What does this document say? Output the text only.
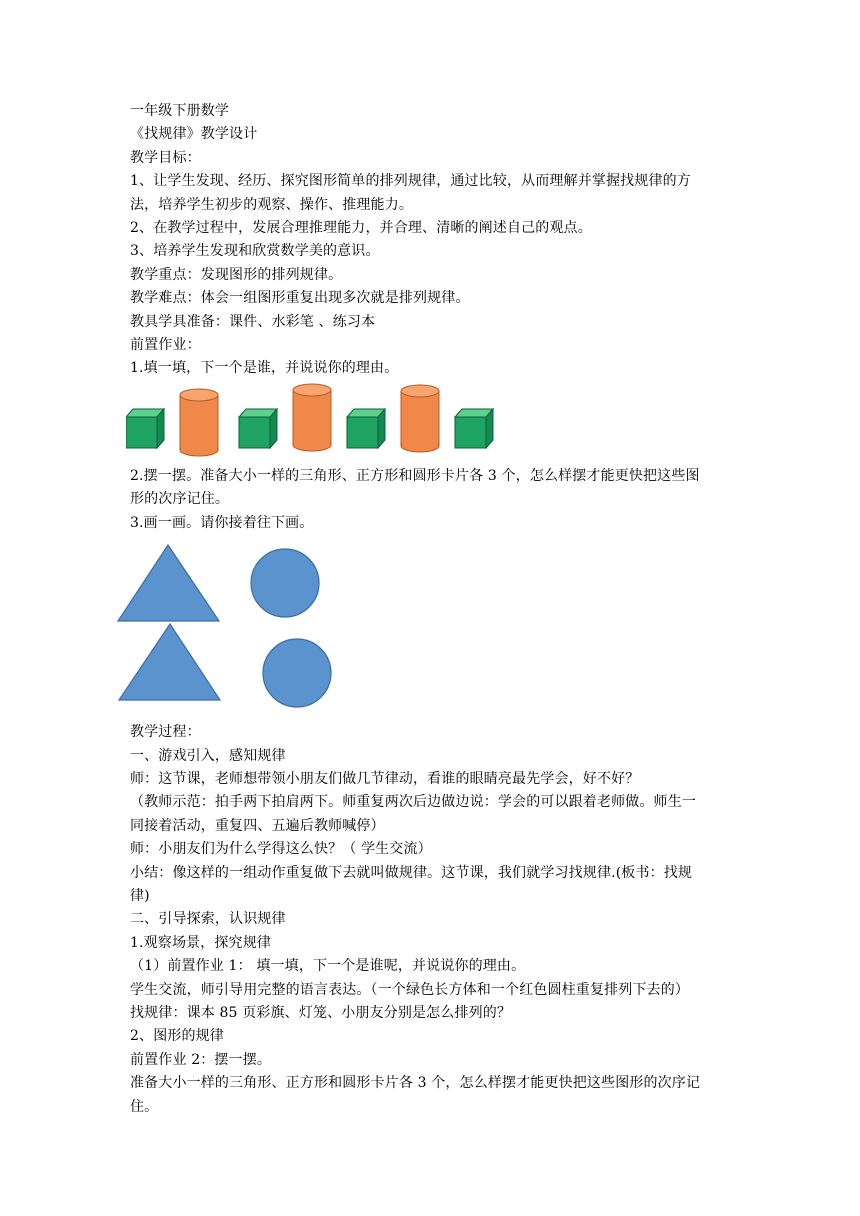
一年级下册数学
《找规律》教学设计
教学目标：
1、让学生发现、经历、探究图形简单的排列规律，通过比较，从而理解并掌握找规律的方
法，培养学生初步的观察、操作、推理能力。
2、在教学过程中，发展合理推理能力，并合理、清晰的阐述自己的观点。
3、培养学生发现和欣赏数学美的意识。
教学重点：发现图形的排列规律。
教学难点：体会一组图形重复出现多次就是排列规律。
教具学具准备：课件、水彩笔 、练习本
前置作业：
1.填一填，下一个是谁，并说说你的理由。
2.摆一摆。准备大小一样的三角形、正方形和圆形卡片各 3 个，怎么样摆才能更快把这些图
形的次序记住。
3.画一画。请你接着往下画。
教学过程：
一、游戏引入，感知规律
师：这节课，老师想带领小朋友们做几节律动，看谁的眼睛亮最先学会，好不好？
（教师示范：拍手两下拍肩两下。师重复两次后边做边说：学会的可以跟着老师做。师生一
同接着活动，重复四、五遍后教师喊停）
师：小朋友们为什么学得这么快？（ 学生交流）
小结：像这样的一组动作重复做下去就叫做规律。这节课，我们就学习找规律.(板书：找规
律)
二、引导探索，认识规律
1.观察场景，探究规律
（1）前置作业 1： 填一填，下一个是谁呢，并说说你的理由。
学生交流，师引导用完整的语言表达。（一个绿色长方体和一个红色圆柱重复排列下去的）
找规律：课本 85 页彩旗、灯笼、小朋友分别是怎么排列的？
2、图形的规律
前置作业 2：摆一摆。
准备大小一样的三角形、正方形和圆形卡片各 3 个，怎么样摆才能更快把这些图形的次序记
住。
